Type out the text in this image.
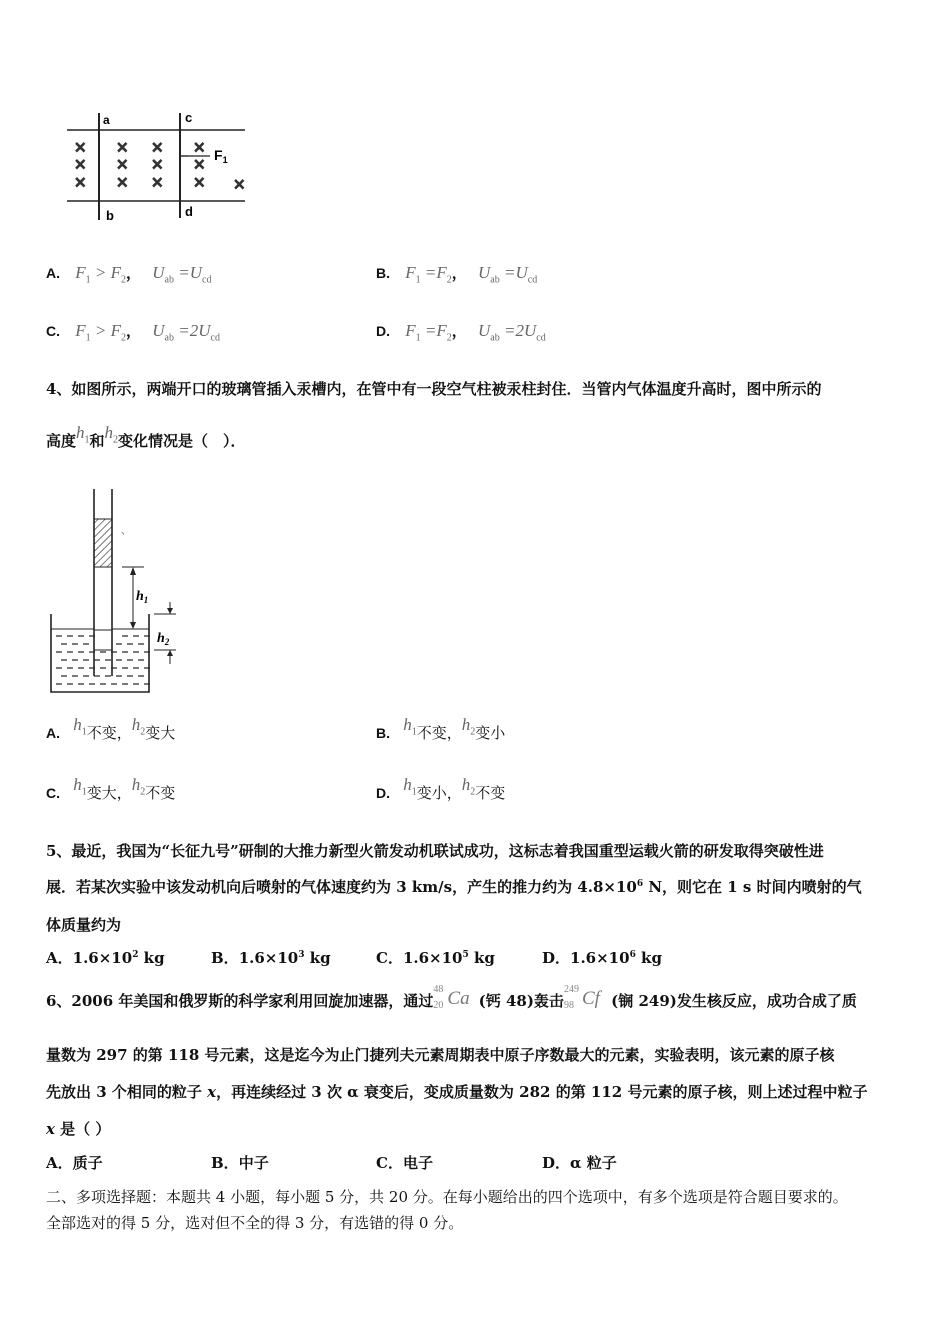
×
×
×
×
×
×
×
×
×
×
×
× ×
a	c
b	d
$F_1$
A. $F_1 > F_2$， $U_{ab} =U_{cd}$	B. $F_1 =F_2$， $U_{ab} =U_{cd}$
C. $F_1 > F_2$， $U_{ab} =2U_{cd}$	D. $F_1 =F_2$， $U_{ab} =2U_{cd}$
4、如图所示，两端开口的玻璃管插入汞槽内，在管中有一段空气柱被汞柱封住．当管内气体温度升高时，图中所示的
高度$h_1$和$h_2$变化情况是（　）．
$h_1$
$h_2$
、
A. $h_1$不变，$h_2$变大	B. $h_1$不变，$h_2$变小
C. $h_1$变大，$h_2$不变	D. $h_1$变小，$h_2$不变
5、最近，我国为“长征九号”研制的大推力新型火箭发动机联试成功，这标志着我国重型运载火箭的研发取得突破性进
展．若某次实验中该发动机向后喷射的气体速度约为 3 km/s，产生的推力约为 $4.8\times 10^6$ N，则它在 1 s 时间内喷射的气
体质量约为
A．$1.6\times 10^2$ kg	B．$1.6\times 10^3$ kg	C．$1.6\times 10^5$ kg	D．$1.6\times 10^6$ kg
6、2006 年美国和俄罗斯的科学家利用回旋加速器，通过
48
20 Ca (钙 48)轰击
249
98 Cf (锎 249)发生核反应，成功合成了质
量数为 297 的第 118 号元素，这是迄今为止门捷列夫元素周期表中原子序数最大的元素，实验表明，该元素的原子核
先放出 3 个相同的粒子 x，再连续经过 3 次 α 衰变后，变成质量数为 282 的第 112 号元素的原子核，则上述过程中粒子
x 是（ ）
A．质子	B．中子	C．电子	D．α 粒子
二、多项选择题：本题共 4 小题，每小题 5 分，共 20 分。在每小题给出的四个选项中，有多个选项是符合题目要求的。
全部选对的得 5 分，选对但不全的得 3 分，有选错的得 0 分。
